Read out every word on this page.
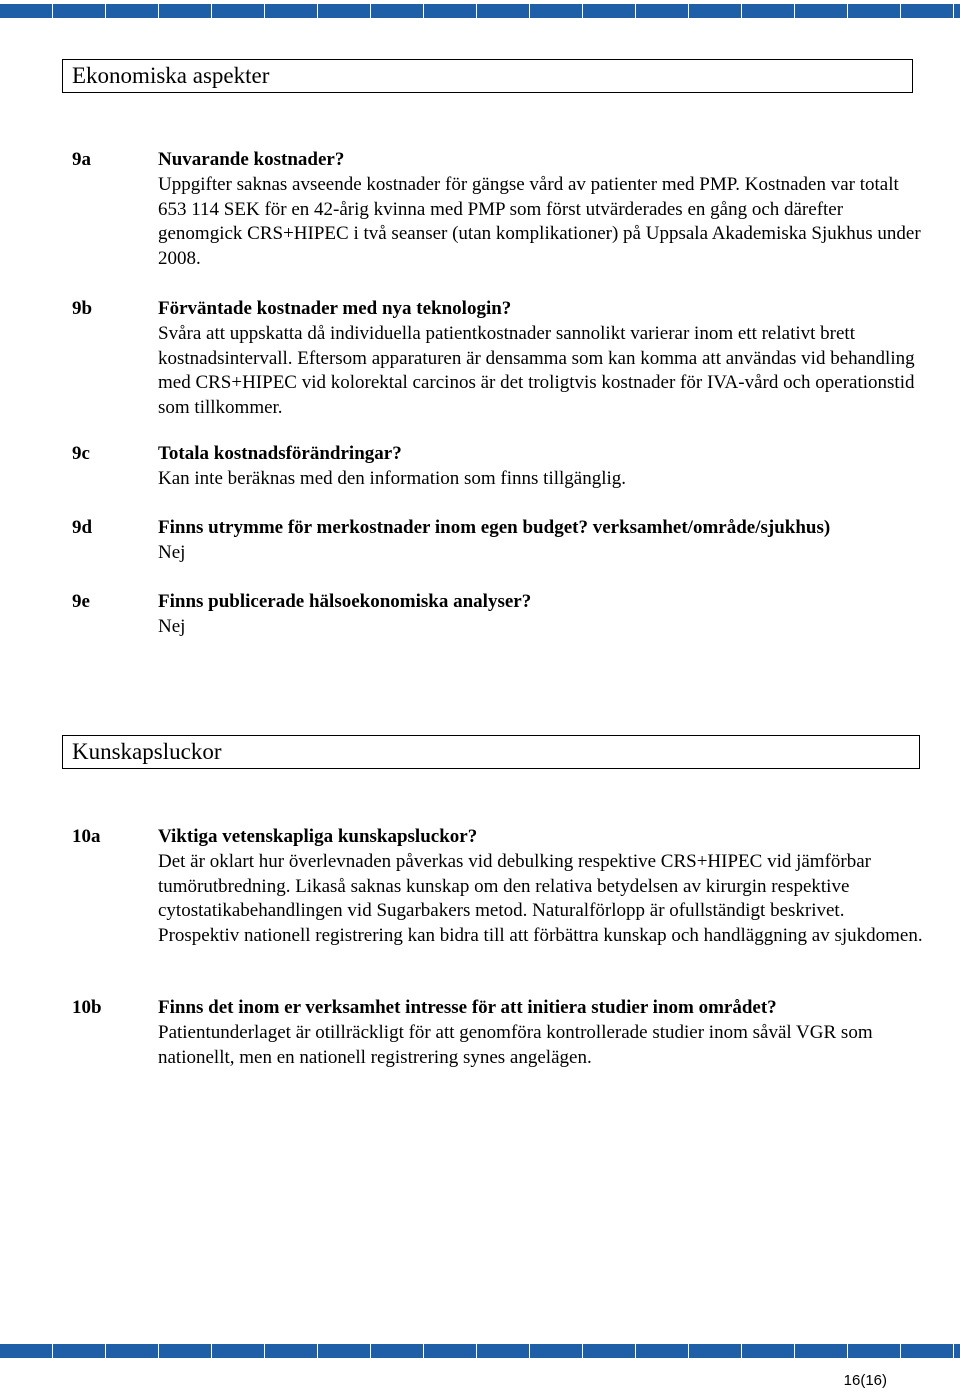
Ekonomiska aspekter
9a	Nuvarande kostnader?
Uppgifter saknas avseende kostnader för gängse vård av patienter med PMP. Kostnaden var totalt 653 114 SEK för en 42-årig kvinna med PMP som först utvärderades en gång och därefter genomgick CRS+HIPEC i två seanser (utan komplikationer) på Uppsala Akademiska Sjukhus under 2008.
9b	Förväntade kostnader med nya teknologin?
Svåra att uppskatta då individuella patientkostnader sannolikt varierar inom ett relativt brett kostnadsintervall. Eftersom apparaturen är densamma som kan komma att användas vid behandling med CRS+HIPEC vid kolorektal carcinos är det troligtvis kostnader för IVA-vård och operationstid som tillkommer.
9c	Totala kostnadsförändringar?
Kan inte beräknas med den information som finns tillgänglig.
9d	Finns utrymme för merkostnader inom egen budget? verksamhet/område/sjukhus)
Nej
9e	Finns publicerade hälsoekonomiska analyser?
Nej
Kunskapsluckor
10a	Viktiga vetenskapliga kunskapsluckor?
Det är oklart hur överlevnaden påverkas vid debulking respektive CRS+HIPEC vid jämförbar tumörutbredning. Likaså saknas kunskap om den relativa betydelsen av kirurgin respektive cytostatikabehandlingen vid Sugarbakers metod. Naturalförlopp är ofullständigt beskrivet. Prospektiv nationell registrering kan bidra till att förbättra kunskap och handläggning av sjukdomen.
10b	Finns det inom er verksamhet intresse för att initiera studier inom området?
Patientunderlaget är otillräckligt för att genomföra kontrollerade studier inom såväl VGR som nationellt, men en nationell registrering synes angelägen.
16(16)
